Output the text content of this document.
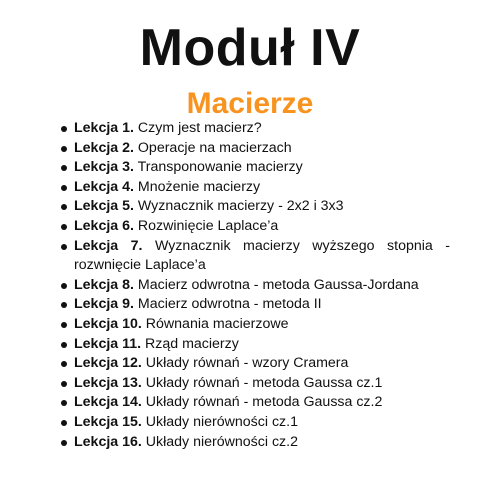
Moduł IV
Macierze
Lekcja 1. Czym jest macierz?
Lekcja 2. Operacje na macierzach
Lekcja 3. Transponowanie macierzy
Lekcja 4. Mnożenie macierzy
Lekcja 5. Wyznacznik macierzy - 2x2 i 3x3
Lekcja 6. Rozwinięcie Laplace’a
Lekcja 7. Wyznacznik macierzy wyższego stopnia - rozwnięcie Laplace’a
Lekcja 8. Macierz odwrotna - metoda Gaussa-Jordana
Lekcja 9. Macierz odwrotna - metoda II
Lekcja 10. Równania macierzowe
Lekcja 11. Rząd macierzy
Lekcja 12. Układy równań - wzory Cramera
Lekcja 13. Układy równań - metoda Gaussa cz.1
Lekcja 14. Układy równań - metoda Gaussa cz.2
Lekcja 15. Układy nierówności cz.1
Lekcja 16. Układy nierówności cz.2
